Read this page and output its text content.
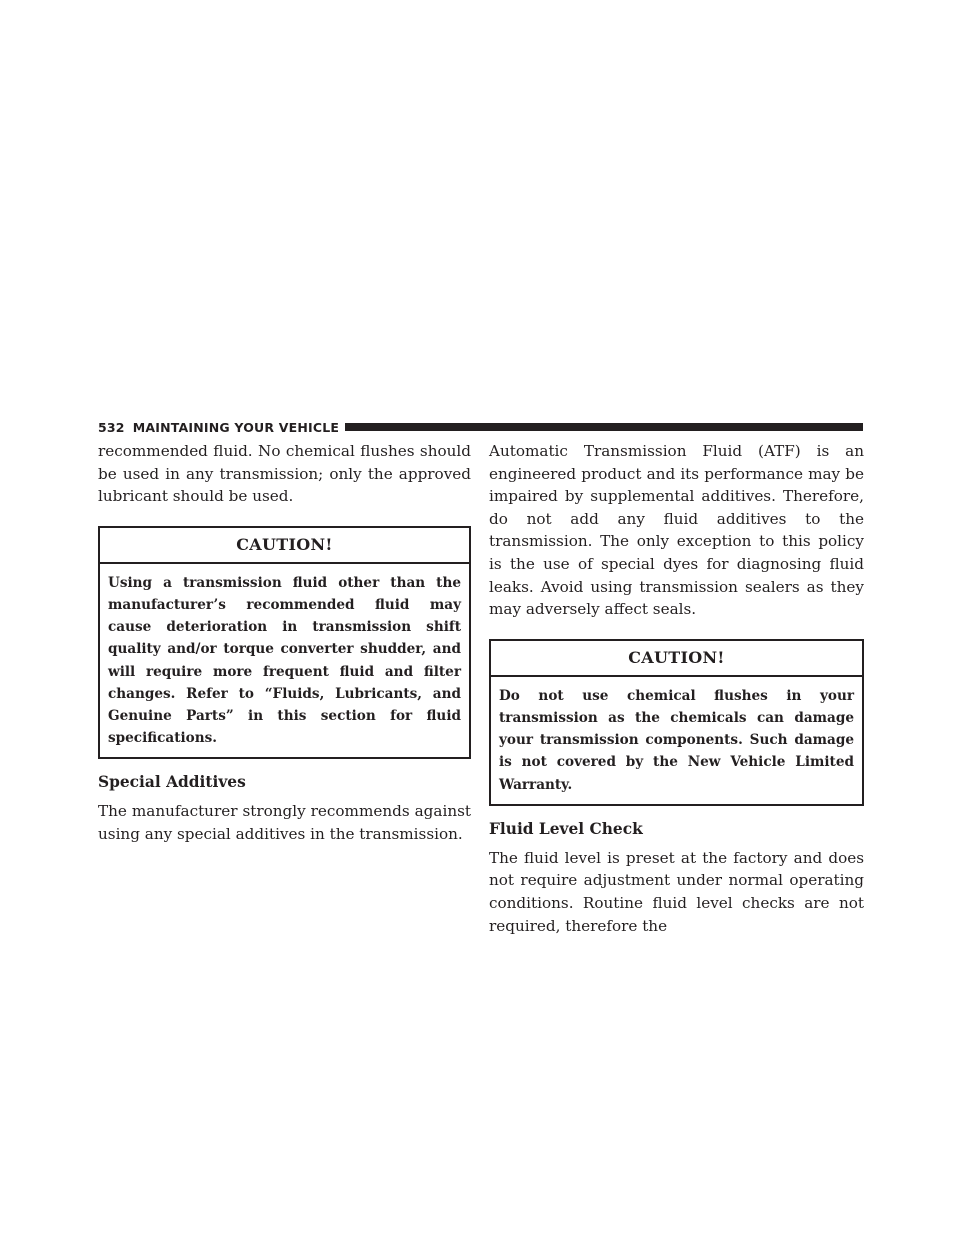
532 MAINTAINING YOUR VEHICLE

recommended fluid. No chemical flushes should be used in any transmission; only the approved lubricant should be used.

CAUTION!
Using a transmission fluid other than the manufacturer’s recommended fluid may cause deterioration in transmission shift quality and/or torque converter shudder, and will require more frequent fluid and filter changes. Refer to “Fluids, Lubricants, and Genuine Parts” in this section for fluid specifications.
Special Additives

The manufacturer strongly recommends against using any special additives in the transmission.

Automatic Transmission Fluid (ATF) is an engineered product and its performance may be impaired by supplemental additives. Therefore, do not add any fluid additives to the transmission. The only exception to this policy is the use of special dyes for diagnosing fluid leaks. Avoid using transmission sealers as they may adversely affect seals.

CAUTION!
Do not use chemical flushes in your transmission as the chemicals can damage your transmission components. Such damage is not covered by the New Vehicle Limited Warranty.
Fluid Level Check

The fluid level is preset at the factory and does not require adjustment under normal operating conditions. Routine fluid level checks are not required, therefore the
